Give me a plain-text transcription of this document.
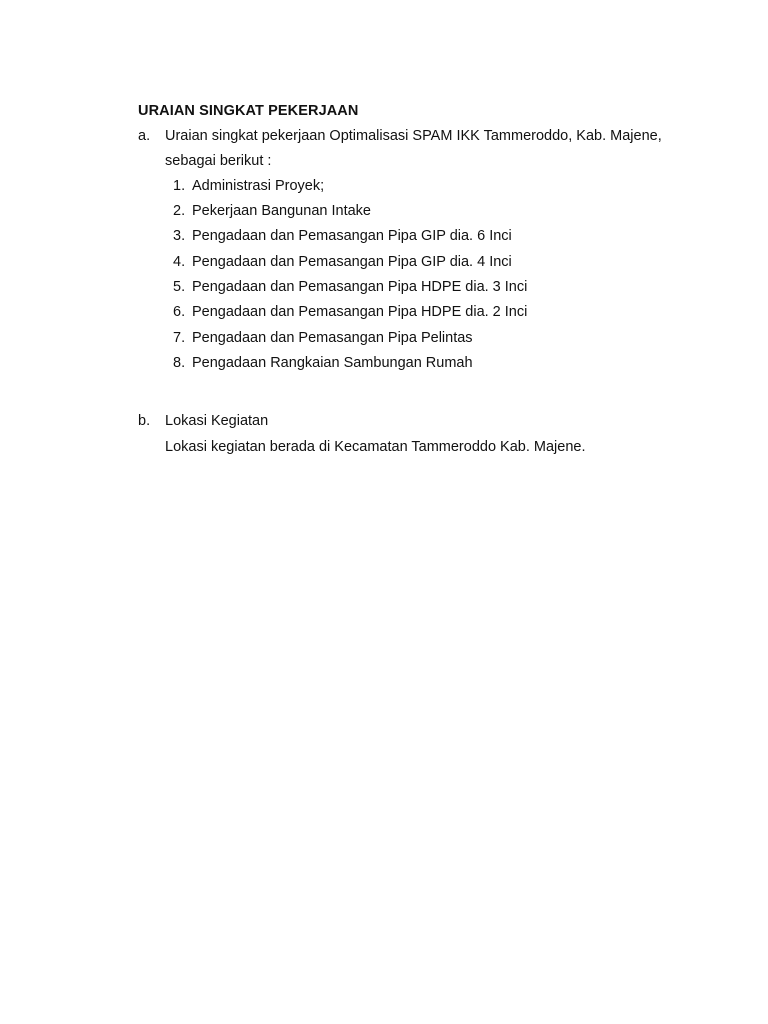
URAIAN SINGKAT PEKERJAAN
a. Uraian singkat pekerjaan Optimalisasi SPAM IKK Tammeroddo, Kab. Majene,
sebagai berikut :
1. Administrasi Proyek;
2. Pekerjaan Bangunan Intake
3. Pengadaan dan Pemasangan Pipa GIP dia. 6 Inci
4. Pengadaan dan Pemasangan Pipa GIP dia. 4 Inci
5. Pengadaan dan Pemasangan Pipa HDPE dia. 3 Inci
6. Pengadaan dan Pemasangan Pipa HDPE dia. 2 Inci
7. Pengadaan dan Pemasangan Pipa Pelintas
8. Pengadaan Rangkaian Sambungan Rumah
b. Lokasi Kegiatan
Lokasi kegiatan berada di Kecamatan Tammeroddo Kab. Majene.
